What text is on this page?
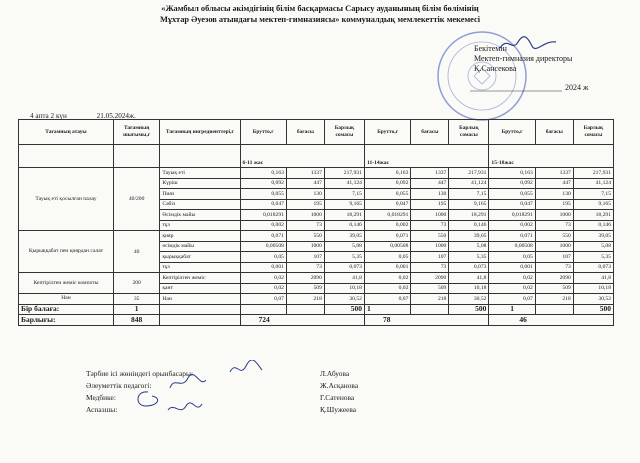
«Жамбыл облысы әкімдігінің білім басқармасы Сарысу ауданының білім бөлімінің
Мұхтар Әуезов атындағы мектеп-гимназиясы» коммуналдық мемлекеттік мекемесі
Бекітемін
Мектеп-гимназия директоры
Қ.Сансекова
2024 ж
4 апта 2 күн	21.05.2024ж.
Тағамның атауы	Тағамның шығымы,г	Тағамның ингредиенттері,г	Брутто,г	бағасы	Барлық сомасы	Брутто,г	бағасы	Барлық сомасы	Брутто,г	бағасы	Барлық сомасы
			6-11 жас			11-14жас			15-18жас		
Тауық еті қосылған палау	40/200	Тауық еті	0,163	1337	217,931	0,163	1337	217,931	0,163	1337	217,931
		Күріш	0,092	447	41,124	0,092	447	41,124	0,092	447	41,124
		Пияз	0,055	130	7,15	0,055	130	7,15	0,055	130	7,15
		Сәбіз	0,047	195	9,165	0,047	195	9,165	0,047	195	9,165
		Өсімдік майы	0,018291	1000	18,291	0,018291	1000	18,291	0,018291	1000	18,291
		тұз	0,002	73	0,146	0,002	73	0,146	0,002	73	0,146
Қырыққабат пен қиярдан салат	40	қияр	0,071	550	39,05	0,071	550	39,05	0,071	550	39,05
		өсімдік майы	0,00508	1000	5,08	0,00508	1000	5,08	0,00508	1000	5,08
		қырыққабат	0,05	107	5,35	0,05	107	5,35	0,05	107	5,35
		тұз	0,001	73	0,073	0,001	73	0,073	0,001	73	0,073
Кептірілген жеміс компоты	200	Кептірілген жеміс	0,02	2090	41,8	0,02	2090	41,8	0,02	2090	41,8
		қант	0,02	509	10,18	0,02	509	10,18	0,02	509	10,18
Нан	35	Нан	0,07	218	30,52	0,07	218	30,52	0,07	218	30,52
Бір балаға:	1				500	1		500	1		500
Барлығы:	848		724			78			46		
Тәрбие ісі жөніндегі орынбасары:
Әлеуметтік педагогі:
Медбике:
Аспазшы:
Л.Абуова
Ж.Асқанова
Г.Сатенова
Қ.Шужеева
